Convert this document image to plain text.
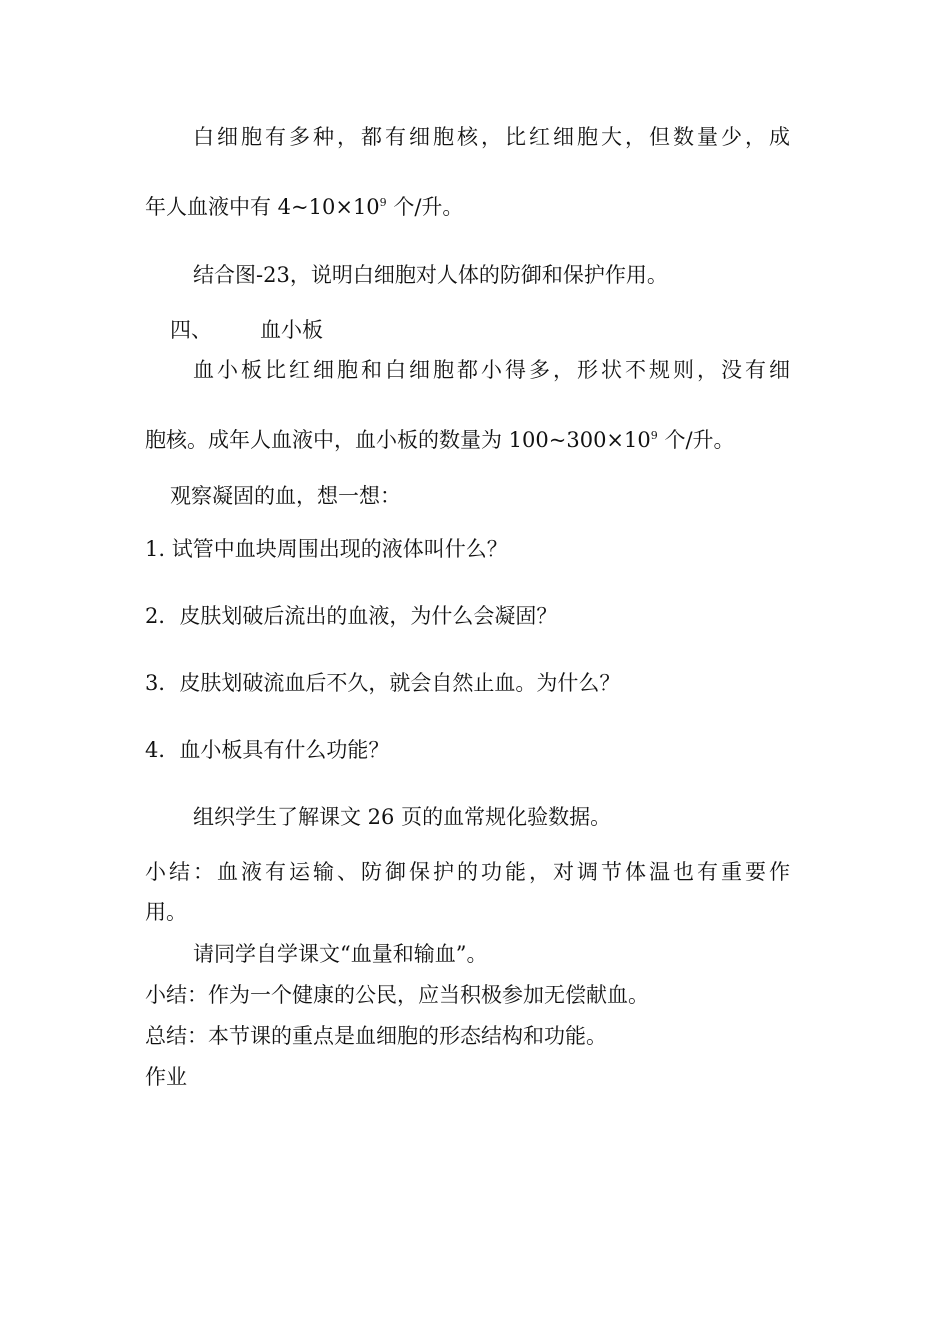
白细胞有多种，都有细胞核，比红细胞大，但数量少，成

年人血液中有 $4\sim 10\times 10^9$ 个/升。

结合图-23，说明白细胞对人体的防御和保护作用。

四、 血小板

血小板比红细胞和白细胞都小得多，形状不规则，没有细

胞核。成年人血液中，血小板的数量为 $100\sim 300\times 10^9$ 个/升。

观察凝固的血，想一想：

1. 试管中血块周围出现的液体叫什么？

2．皮肤划破后流出的血液，为什么会凝固？

3．皮肤划破流血后不久，就会自然止血。为什么？

4．血小板具有什么功能？

组织学生了解课文 26 页的血常规化验数据。

小结：血液有运输、防御保护的功能，对调节体温也有重要作

用。

请同学自学课文“血量和输血”。

小结：作为一个健康的公民，应当积极参加无偿献血。

总结：本节课的重点是血细胞的形态结构和功能。

作业
